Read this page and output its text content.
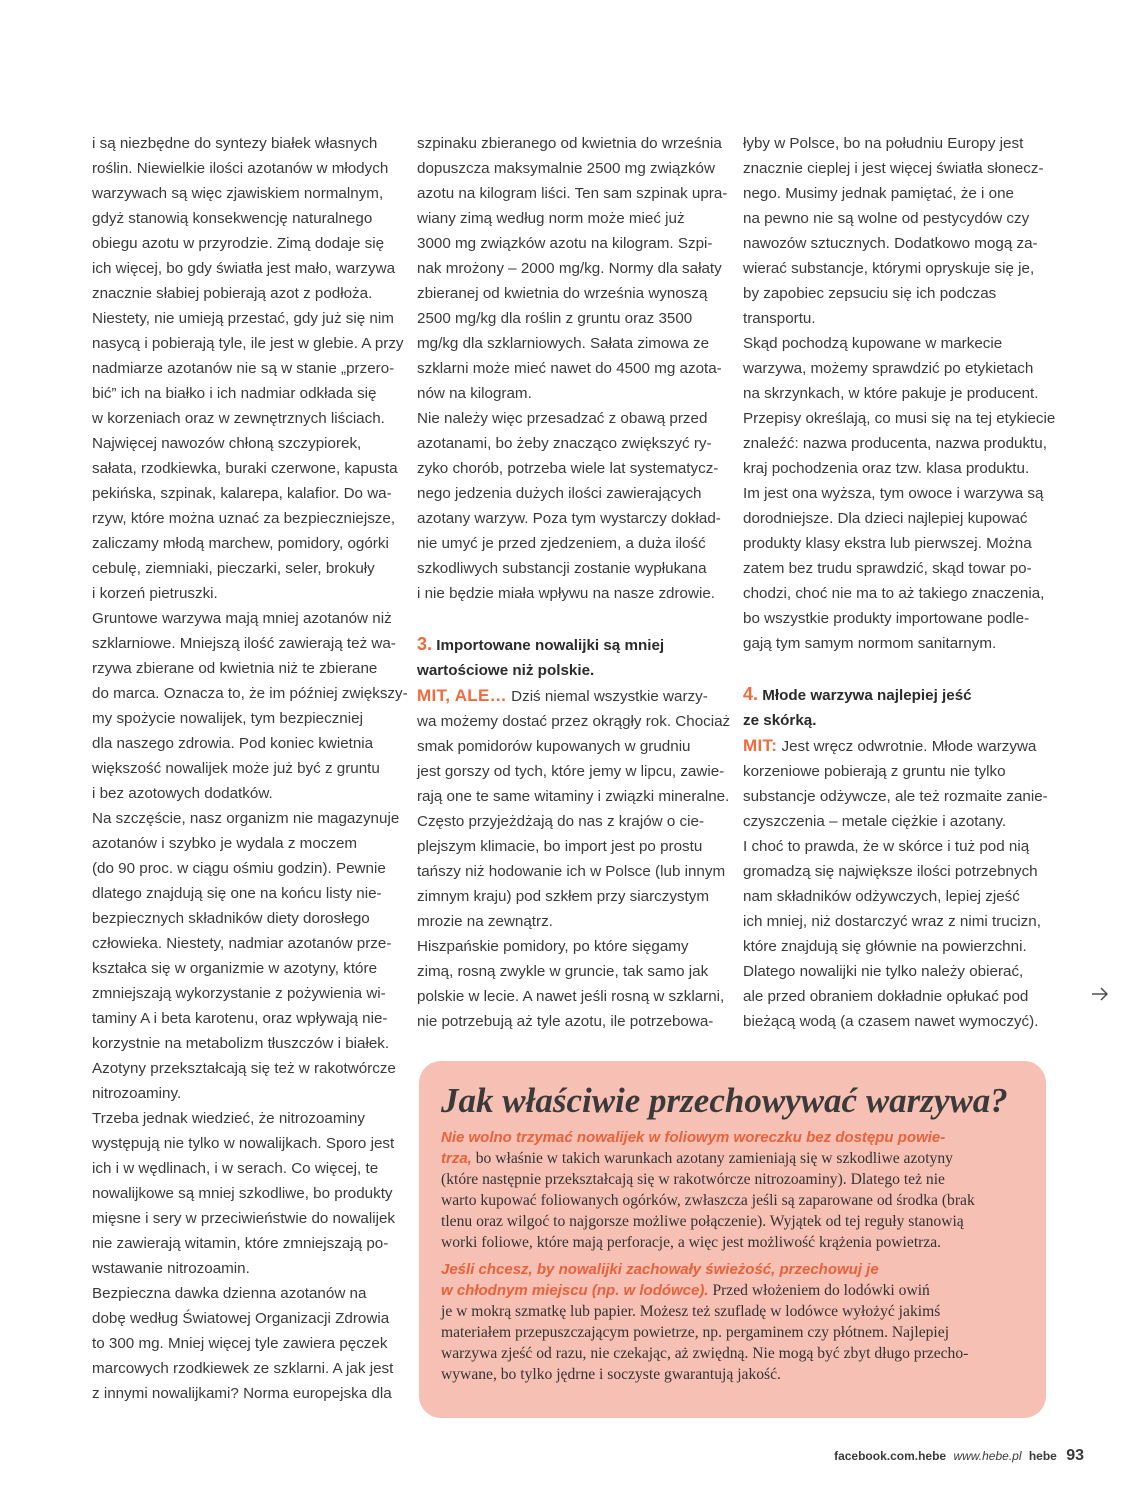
i są niezbędne do syntezy białek własnych

roślin. Niewielkie ilości azotanów w młodych

warzywach są więc zjawiskiem normalnym,

gdyż stanowią konsekwencję naturalnego

obiegu azotu w przyrodzie. Zimą dodaje się

ich więcej, bo gdy światła jest mało, warzywa

znacznie słabiej pobierają azot z podłoża.

Niestety, nie umieją przestać, gdy już się nim

nasycą i pobierają tyle, ile jest w glebie. A przy

nadmiarze azotanów nie są w stanie „przero-

bić” ich na białko i ich nadmiar odkłada się

w korzeniach oraz w zewnętrznych liściach.

Najwięcej nawozów chłoną szczypiorek,

sałata, rzodkiewka, buraki czerwone, kapusta

pekińska, szpinak, kalarepa, kalafior. Do wa-

rzyw, które można uznać za bezpieczniejsze,

zaliczamy młodą marchew, pomidory, ogórki

cebulę, ziemniaki, pieczarki, seler, brokuły

i korzeń pietruszki.

Gruntowe warzywa mają mniej azotanów niż

szklarniowe. Mniejszą ilość zawierają też wa-

rzywa zbierane od kwietnia niż te zbierane

do marca. Oznacza to, że im później zwiększy-

my spożycie nowalijek, tym bezpieczniej

dla naszego zdrowia. Pod koniec kwietnia

większość nowalijek może już być z gruntu

i bez azotowych dodatków.

Na szczęście, nasz organizm nie magazynuje

azotanów i szybko je wydala z moczem

(do 90 proc. w ciągu ośmiu godzin). Pewnie

dlatego znajdują się one na końcu listy nie-

bezpiecznych składników diety dorosłego

człowieka. Niestety, nadmiar azotanów prze-

kształca się w organizmie w azotyny, które

zmniejszają wykorzystanie z pożywienia wi-

taminy A i beta karotenu, oraz wpływają nie-

korzystnie na metabolizm tłuszczów i białek.

Azotyny przekształcają się też w rakotwórcze

nitrozoaminy.

Trzeba jednak wiedzieć, że nitrozoaminy

występują nie tylko w nowalijkach. Sporo jest

ich i w wędlinach, i w serach. Co więcej, te

nowalijkowe są mniej szkodliwe, bo produkty

mięsne i sery w przeciwieństwie do nowalijek

nie zawierają witamin, które zmniejszają po-

wstawanie nitrozoamin.

Bezpieczna dawka dzienna azotanów na

dobę według Światowej Organizacji Zdrowia

to 300 mg. Mniej więcej tyle zawiera pęczek

marcowych rzodkiewek ze szklarni. A jak jest

z innymi nowalijkami? Norma europejska dla

szpinaku zbieranego od kwietnia do września

dopuszcza maksymalnie 2500 mg związków

azotu na kilogram liści. Ten sam szpinak upra-

wiany zimą według norm może mieć już

3000 mg związków azotu na kilogram. Szpi-

nak mrożony – 2000 mg/kg. Normy dla sałaty

zbieranej od kwietnia do września wynoszą

2500 mg/kg dla roślin z gruntu oraz 3500

mg/kg dla szklarniowych. Sałata zimowa ze

szklarni może mieć nawet do 4500 mg azota-

nów na kilogram.

Nie należy więc przesadzać z obawą przed

azotanami, bo żeby znacząco zwiększyć ry-

zyko chorób, potrzeba wiele lat systematycz-

nego jedzenia dużych ilości zawierających

azotany warzyw. Poza tym wystarczy dokład-

nie umyć je przed zjedzeniem, a duża ilość

szkodliwych substancji zostanie wypłukana

i nie będzie miała wpływu na nasze zdrowie.

3. Importowane nowalijki są mniej

wartościowe niż polskie.

MIT, ALE… Dziś niemal wszystkie warzy-

wa możemy dostać przez okrągły rok. Chociaż

smak pomidorów kupowanych w grudniu

jest gorszy od tych, które jemy w lipcu, zawie-

rają one te same witaminy i związki mineralne.

Często przyjeżdżają do nas z krajów o cie-

plejszym klimacie, bo import jest po prostu

tańszy niż hodowanie ich w Polsce (lub innym

zimnym kraju) pod szkłem przy siarczystym

mrozie na zewnątrz.

Hiszpańskie pomidory, po które sięgamy

zimą, rosną zwykle w gruncie, tak samo jak

polskie w lecie. A nawet jeśli rosną w szklarni,

nie potrzebują aż tyle azotu, ile potrzebowa-

łyby w Polsce, bo na południu Europy jest

znacznie cieplej i jest więcej światła słonecz-

nego. Musimy jednak pamiętać, że i one

na pewno nie są wolne od pestycydów czy

nawozów sztucznych. Dodatkowo mogą za-

wierać substancje, którymi opryskuje się je,

by zapobiec zepsuciu się ich podczas

transportu.

Skąd pochodzą kupowane w markecie

warzywa, możemy sprawdzić po etykietach

na skrzynkach, w które pakuje je producent.

Przepisy określają, co musi się na tej etykiecie

znaleźć: nazwa producenta, nazwa produktu,

kraj pochodzenia oraz tzw. klasa produktu.

Im jest ona wyższa, tym owoce i warzywa są

dorodniejsze. Dla dzieci najlepiej kupować

produkty klasy ekstra lub pierwszej. Można

zatem bez trudu sprawdzić, skąd towar po-

chodzi, choć nie ma to aż takiego znaczenia,

bo wszystkie produkty importowane podle-

gają tym samym normom sanitarnym.

4. Młode warzywa najlepiej jeść

ze skórką.

MIT: Jest wręcz odwrotnie. Młode warzywa

korzeniowe pobierają z gruntu nie tylko

substancje odżywcze, ale też rozmaite zanie-

czyszczenia – metale ciężkie i azotany.

I choć to prawda, że w skórce i tuż pod nią

gromadzą się największe ilości potrzebnych

nam składników odżywczych, lepiej zjeść

ich mniej, niż dostarczyć wraz z nimi trucizn,

które znajdują się głównie na powierzchni.

Dlatego nowalijki nie tylko należy obierać,

ale przed obraniem dokładnie opłukać pod

bieżącą wodą (a czasem nawet wymoczyć).

Jak właściwie przechowywać warzywa?

Nie wolno trzymać nowalijek w foliowym woreczku bez dostępu powie-

trza, bo właśnie w takich warunkach azotany zamieniają się w szkodliwe azotyny

(które następnie przekształcają się w rakotwórcze nitrozoaminy). Dlatego też nie

warto kupować foliowanych ogórków, zwłaszcza jeśli są zaparowane od środka (brak

tlenu oraz wilgoć to najgorsze możliwe połączenie). Wyjątek od tej reguły stanowią

worki foliowe, które mają perforacje, a więc jest możliwość krążenia powietrza.

Jeśli chcesz, by nowalijki zachowały świeżość, przechowuj je

w chłodnym miejscu (np. w lodówce). Przed włożeniem do lodówki owiń

je w mokrą szmatkę lub papier. Możesz też szufladę w lodówce wyłożyć jakimś

materiałem przepuszczającym powietrze, np. pergaminem czy płótnem. Najlepiej

warzywa zjeść od razu, nie czekając, aż zwiędną. Nie mogą być zbyt długo przecho-

wywane, bo tylko jędrne i soczyste gwarantują jakość.

facebook.com.hebe www.hebe.pl hebe 93
